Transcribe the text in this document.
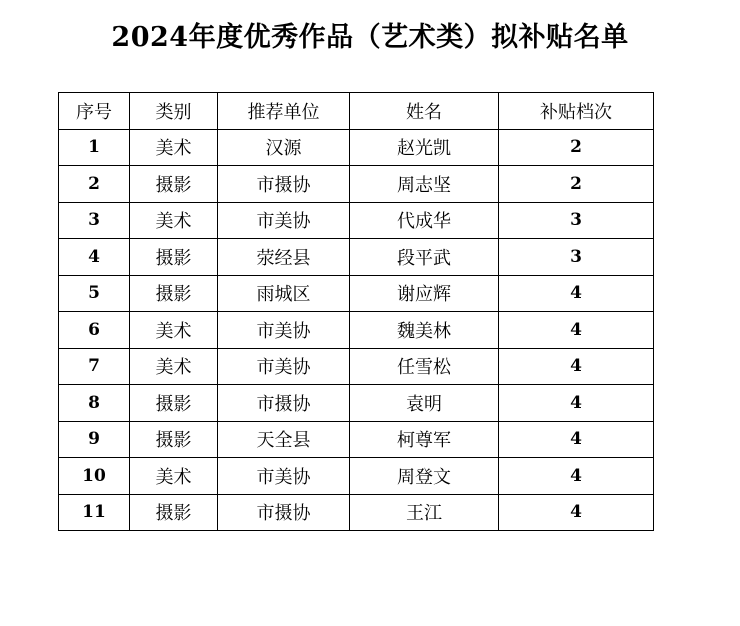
2024年度优秀作品（艺术类）拟补贴名单
序号	类别	推荐单位	姓名	补贴档次
1	美术	汉源	赵光凯	2
2	摄影	市摄协	周志坚	2
3	美术	市美协	代成华	3
4	摄影	荥经县	段平武	3
5	摄影	雨城区	谢应辉	4
6	美术	市美协	魏美林	4
7	美术	市美协	任雪松	4
8	摄影	市摄协	袁明	4
9	摄影	天全县	柯尊军	4
10	美术	市美协	周登文	4
11	摄影	市摄协	王江	4
